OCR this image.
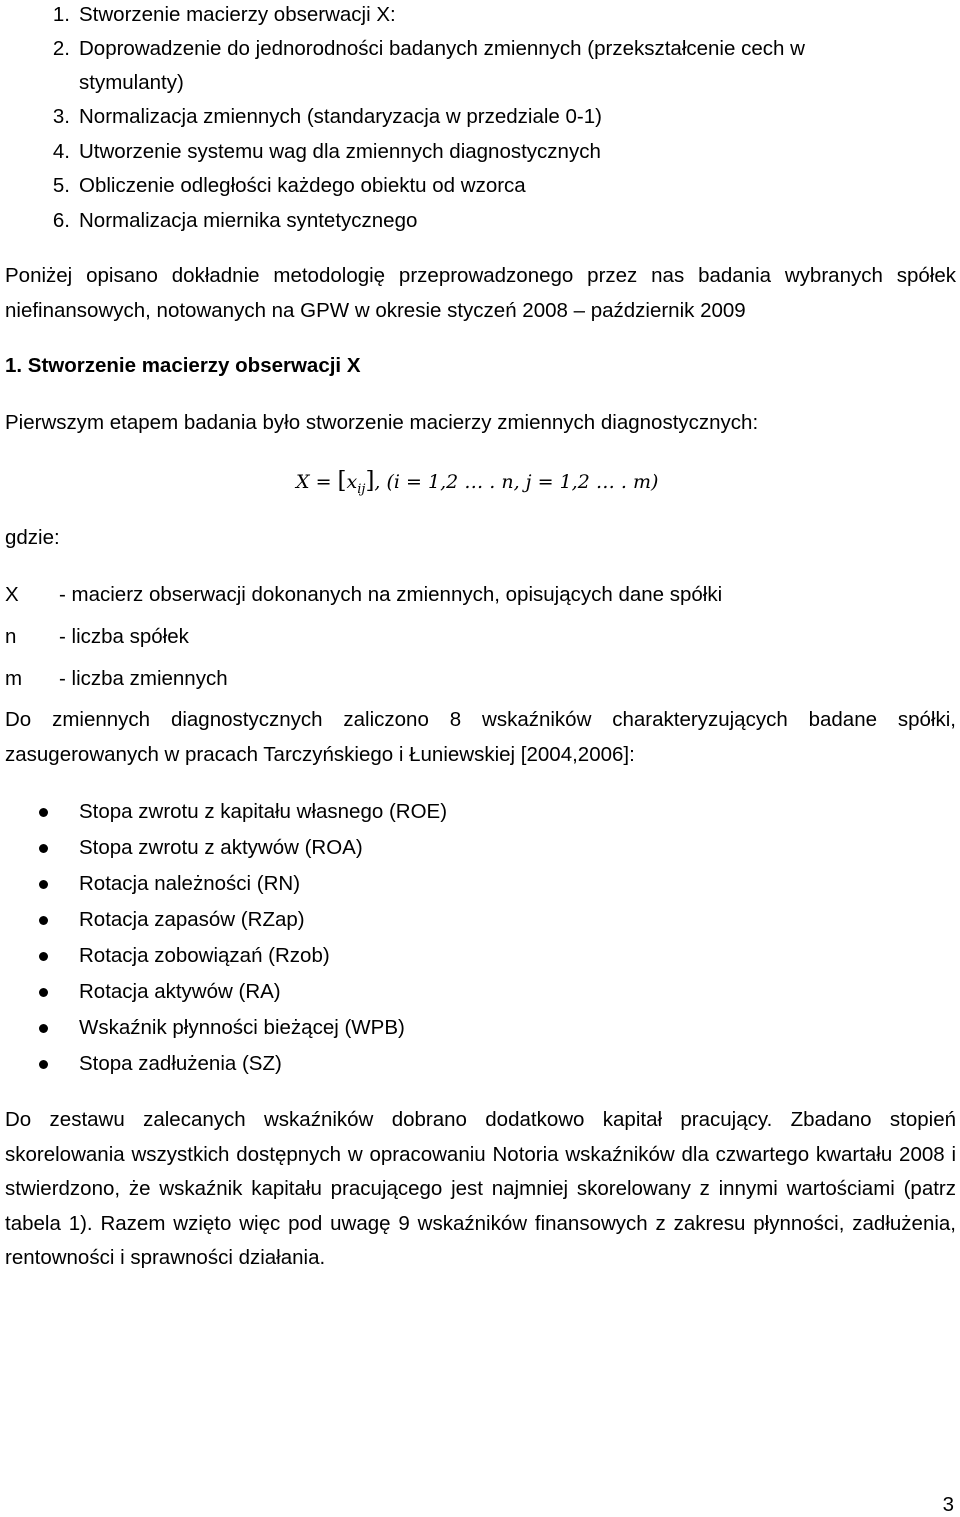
1. Stworzenie macierzy obserwacji X:
2. Doprowadzenie do jednorodności badanych zmiennych (przekształcenie cech w
stymulanty)
3. Normalizacja zmiennych (standaryzacja w przedziale 0-1)
4. Utworzenie systemu wag dla zmiennych diagnostycznych
5. Obliczenie odległości każdego obiektu od wzorca
6. Normalizacja miernika syntetycznego
Poniżej opisano dokładnie metodologię przeprowadzonego przez nas badania wybranych spółek niefinansowych, notowanych na GPW w okresie styczeń 2008 – październik 2009
1. Stworzenie macierzy obserwacji X
Pierwszym etapem badania było stworzenie macierzy zmiennych diagnostycznych:
$X = [x_{ij}]$, (i = 1,2 … . n, j = 1,2 … . m)
gdzie:
X - macierz obserwacji dokonanych na zmiennych, opisujących dane spółki
n - liczba spółek
m - liczba zmiennych
Do zmiennych diagnostycznych zaliczono 8 wskaźników charakteryzujących badane spółki, zasugerowanych w pracach Tarczyńskiego i Łuniewskiej [2004,2006]:
Stopa zwrotu z kapitału własnego (ROE)
Stopa zwrotu z aktywów (ROA)
Rotacja należności (RN)
Rotacja zapasów (RZap)
Rotacja zobowiązań (Rzob)
Rotacja aktywów (RA)
Wskaźnik płynności bieżącej (WPB)
Stopa zadłużenia (SZ)
Do zestawu zalecanych wskaźników dobrano dodatkowo kapitał pracujący. Zbadano stopień skorelowania wszystkich dostępnych w opracowaniu Notoria wskaźników dla czwartego kwartału 2008 i stwierdzono, że wskaźnik kapitału pracującego jest najmniej skorelowany z innymi wartościami (patrz tabela 1). Razem wzięto więc pod uwagę 9 wskaźników finansowych z zakresu płynności, zadłużenia, rentowności i sprawności działania.
3
